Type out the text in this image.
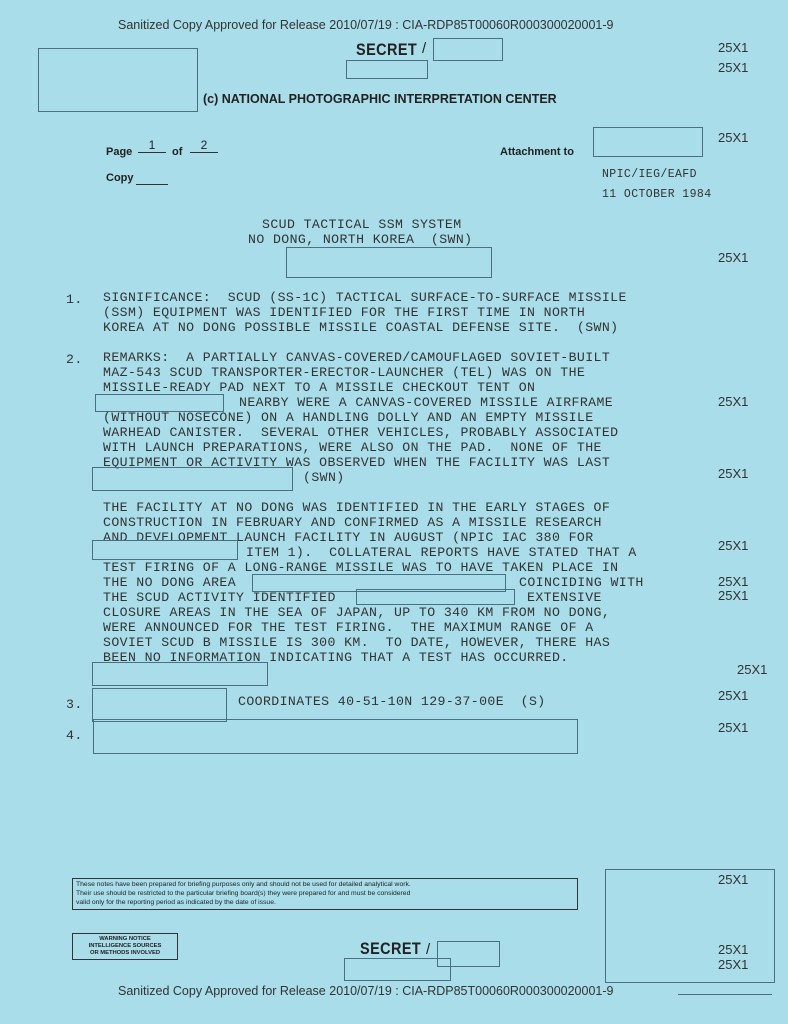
Sanitized Copy Approved for Release 2010/07/19 : CIA-RDP85T00060R000300020001-9
SECRET /	25X1
25X1
(c) NATIONAL PHOTOGRAPHIC INTERPRETATION CENTER
Page	1	of	2
Copy
Attachment to
25X1
NPIC/IEG/EAFD
11 OCTOBER 1984
SCUD TACTICAL SSM SYSTEM
NO DONG, NORTH KOREA  (SWN)
25X1
1. SIGNIFICANCE:  SCUD (SS-1C) TACTICAL SURFACE-TO-SURFACE MISSILE
(SSM) EQUIPMENT WAS IDENTIFIED FOR THE FIRST TIME IN NORTH
KOREA AT NO DONG POSSIBLE MISSILE COASTAL DEFENSE SITE.  (SWN)
2. REMARKS:  A PARTIALLY CANVAS-COVERED/CAMOUFLAGED SOVIET-BUILT
MAZ-543 SCUD TRANSPORTER-ERECTOR-LAUNCHER (TEL) WAS ON THE
MISSILE-READY PAD NEXT TO A MISSILE CHECKOUT TENT ON
NEARBY WERE A CANVAS-COVERED MISSILE AIRFRAME	25X1
(WITHOUT NOSECONE) ON A HANDLING DOLLY AND AN EMPTY MISSILE
WARHEAD CANISTER.  SEVERAL OTHER VEHICLES, PROBABLY ASSOCIATED
WITH LAUNCH PREPARATIONS, WERE ALSO ON THE PAD.  NONE OF THE
EQUIPMENT OR ACTIVITY WAS OBSERVED WHEN THE FACILITY WAS LAST
(SWN)	25X1
THE FACILITY AT NO DONG WAS IDENTIFIED IN THE EARLY STAGES OF
CONSTRUCTION IN FEBRUARY AND CONFIRMED AS A MISSILE RESEARCH
AND DEVELOPMENT LAUNCH FACILITY IN AUGUST (NPIC IAC 380 FOR
ITEM 1).  COLLATERAL REPORTS HAVE STATED THAT A	25X1
TEST FIRING OF A LONG-RANGE MISSILE WAS TO HAVE TAKEN PLACE IN
THE NO DONG AREA	COINCIDING WITH	25X1
THE SCUD ACTIVITY IDENTIFIED	EXTENSIVE	25X1
CLOSURE AREAS IN THE SEA OF JAPAN, UP TO 340 KM FROM NO DONG,
WERE ANNOUNCED FOR THE TEST FIRING.  THE MAXIMUM RANGE OF A
SOVIET SCUD B MISSILE IS 300 KM.  TO DATE, HOWEVER, THERE HAS
BEEN NO INFORMATION INDICATING THAT A TEST HAS OCCURRED.
25X1
3.	COORDINATES 40-51-10N 129-37-00E  (S)	25X1
4.
25X1
These notes have been prepared for briefing purposes only and should not be used for detailed analytical work.
Their use should be restricted to the particular briefing board(s) they were prepared for and must be considered
valid only for the reporting period as indicated by the date of issue.
25X1
25X1
25X1
WARNING NOTICE
INTELLIGENCE SOURCES
OR METHODS INVOLVED	SECRET /
Sanitized Copy Approved for Release 2010/07/19 : CIA-RDP85T00060R000300020001-9
